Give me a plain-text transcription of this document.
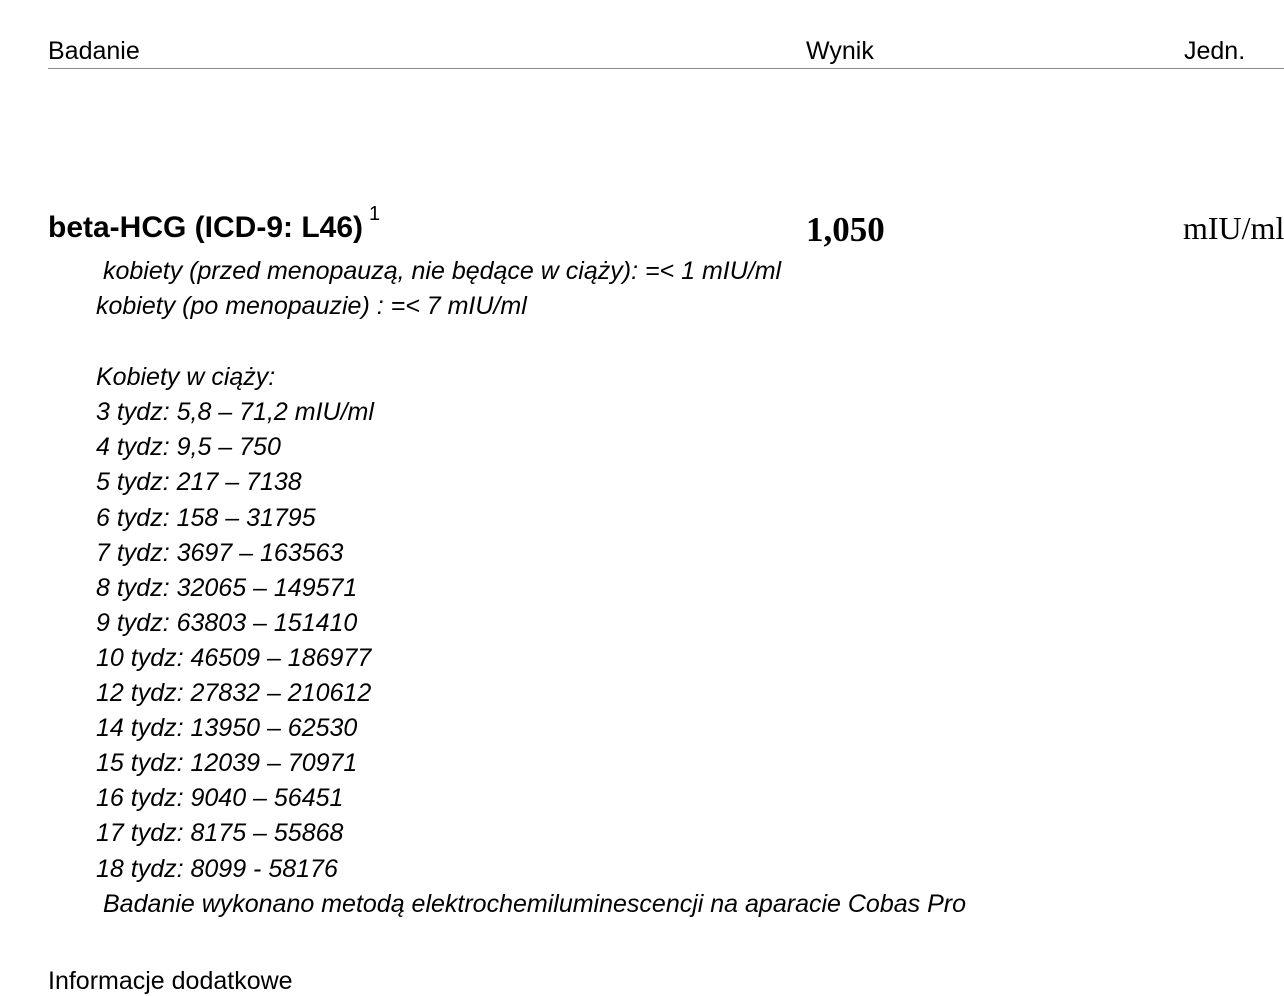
Badanie	Wynik	Jedn.
beta-HCG (ICD-9: L46) $^1$	1,050	mIU/ml
kobiety (przed menopauzą, nie będące w ciąży): =< 1 mIU/ml
kobiety (po menopauzie) : =< 7 mIU/ml
Kobiety w ciąży:
3 tydz: 5,8 – 71,2 mIU/ml
4 tydz: 9,5 – 750
5 tydz: 217 – 7138
6 tydz: 158 – 31795
7 tydz: 3697 – 163563
8 tydz: 32065 – 149571
9 tydz: 63803 – 151410
10 tydz: 46509 – 186977
12 tydz: 27832 – 210612
14 tydz: 13950 – 62530
15 tydz: 12039 – 70971
16 tydz: 9040 – 56451
17 tydz: 8175 – 55868
18 tydz: 8099 - 58176
Badanie wykonano metodą elektrochemiluminescencji na aparacie Cobas Pro
Informacje dodatkowe
